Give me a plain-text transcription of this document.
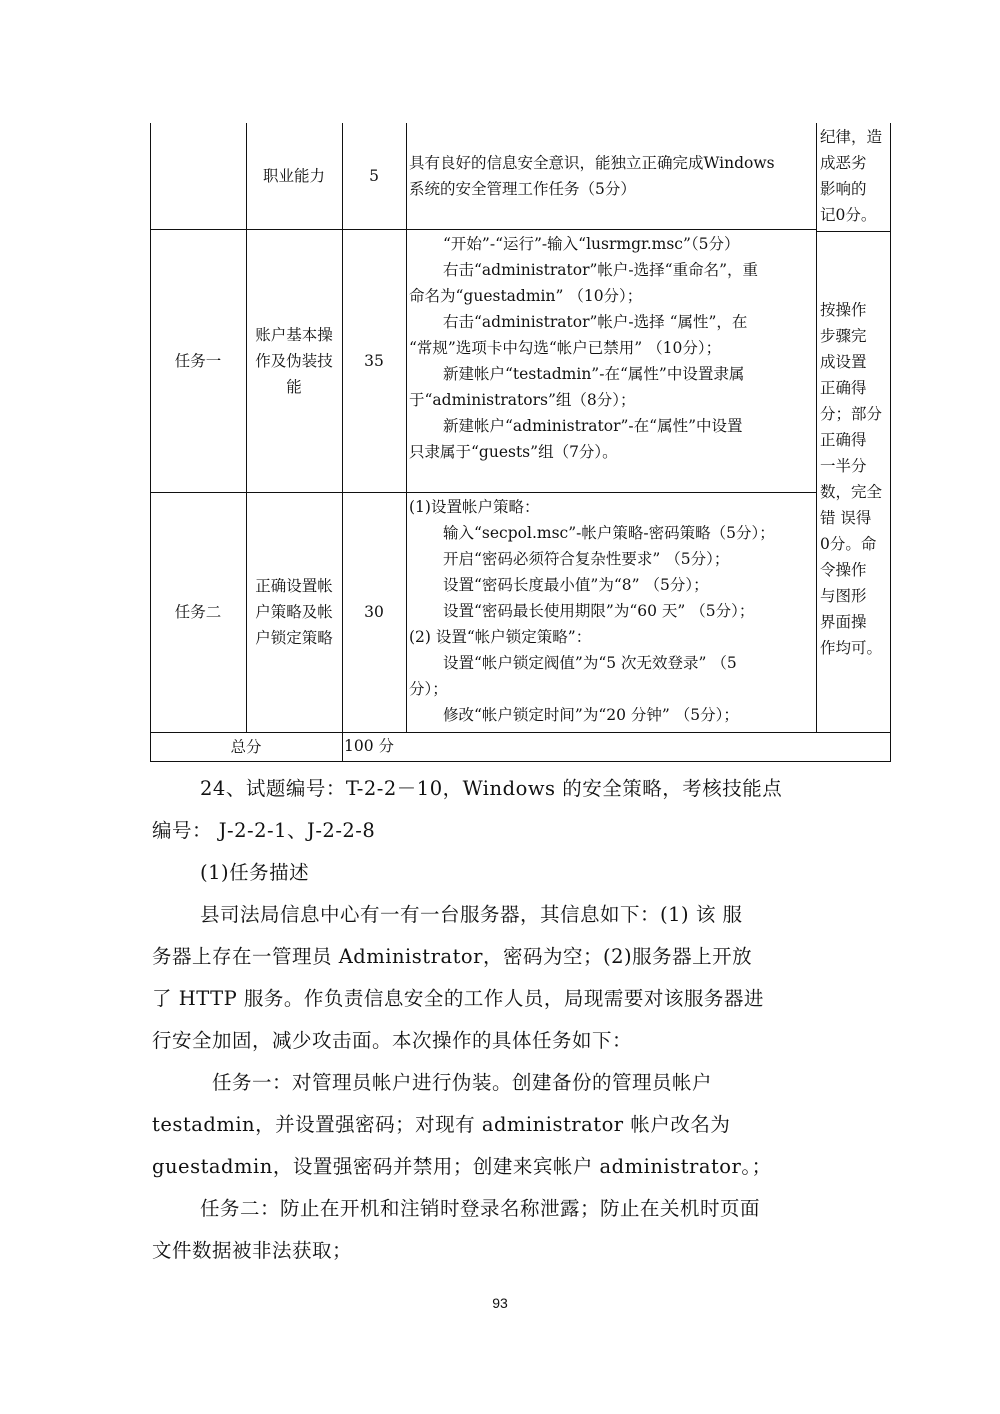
职业能力	5

具有良好的信息安全意识，能独立正确完成Windows

系统的安全管理工作任务（5分）

纪律，造

成恶劣

影响的

记0分。

任务一

账户基本操

作及伪装技

能

35

“开始”-“运行”-输入“lusrmgr.msc”（5分）

右击“administrator”帐户-选择“重命名”，重

命名为“guestadmin” （10分）；

右击“administrator”帐户-选择 “属性”，在

“常规”选项卡中勾选“帐户已禁用” （10分）；

新建帐户“testadmin”-在“属性”中设置隶属

于“administrators”组（8分）；

新建帐户“administrator”-在“属性”中设置

只隶属于“guests”组（7分）。

按操作

步骤完

成设置

正确得

分；部分

正确得

一半分

数，完全

错 误得

0分。命

令操作

与图形

界面操

作均可。

任务二

正确设置帐

户策略及帐

户锁定策略

30

(1)设置帐户策略：

输入“secpol.msc”-帐户策略-密码策略（5分）；

开启“密码必须符合复杂性要求” （5分）；

设置“密码长度最小值”为“8” （5分）；

设置“密码最长使用期限”为“60 天” （5分）；

(2) 设置“帐户锁定策略”：

设置“帐户锁定阀值”为“5 次无效登录” （5

分）；

修改“帐户锁定时间”为“20 分钟” （5分）；

总分	100 分

24、试题编号：T-2-2－10，Windows 的安全策略，考核技能点

编号： J-2-2-1、J-2-2-8

(1)任务描述

县司法局信息中心有一有一台服务器，其信息如下：(1) 该 服

务器上存在一管理员 Administrator，密码为空；(2)服务器上开放

了 HTTP 服务。作负责信息安全的工作人员，局现需要对该服务器进

行安全加固，减少攻击面。本次操作的具体任务如下：

任务一：对管理员帐户进行伪装。创建备份的管理员帐户

testadmin，并设置强密码；对现有 administrator 帐户改名为

guestadmin，设置强密码并禁用；创建来宾帐户 administrator。；

任务二：防止在开机和注销时登录名称泄露；防止在关机时页面

文件数据被非法获取；

93
